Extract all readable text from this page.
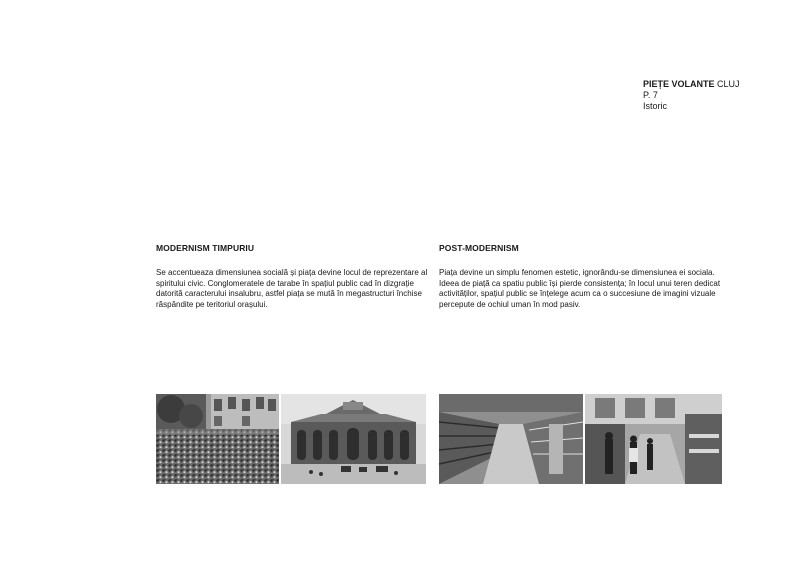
PIEȚE VOLANTE CLUJ
P. 7
Istoric
MODERNISM TIMPURIU

Se accentueaza dimensiunea socială și piața devine locul de reprezentare al spiritului civic. Conglomeratele de tarabe în spațiul public cad în dizgrație datorită caracterului insalubru, astfel piața se mută în megastructuri închise răspândite pe teritoriul orașului.

POST-MODERNISM

Piața devine un simplu fenomen estetic, ignorându-se dimensiunea ei sociala. Ideea de piață ca spatiu public își pierde consistența; în locul unui teren dedicat activităților, spațiul public se înțelege acum ca o succesiune de imagini vizuale percepute de ochiul uman în mod pasiv.
